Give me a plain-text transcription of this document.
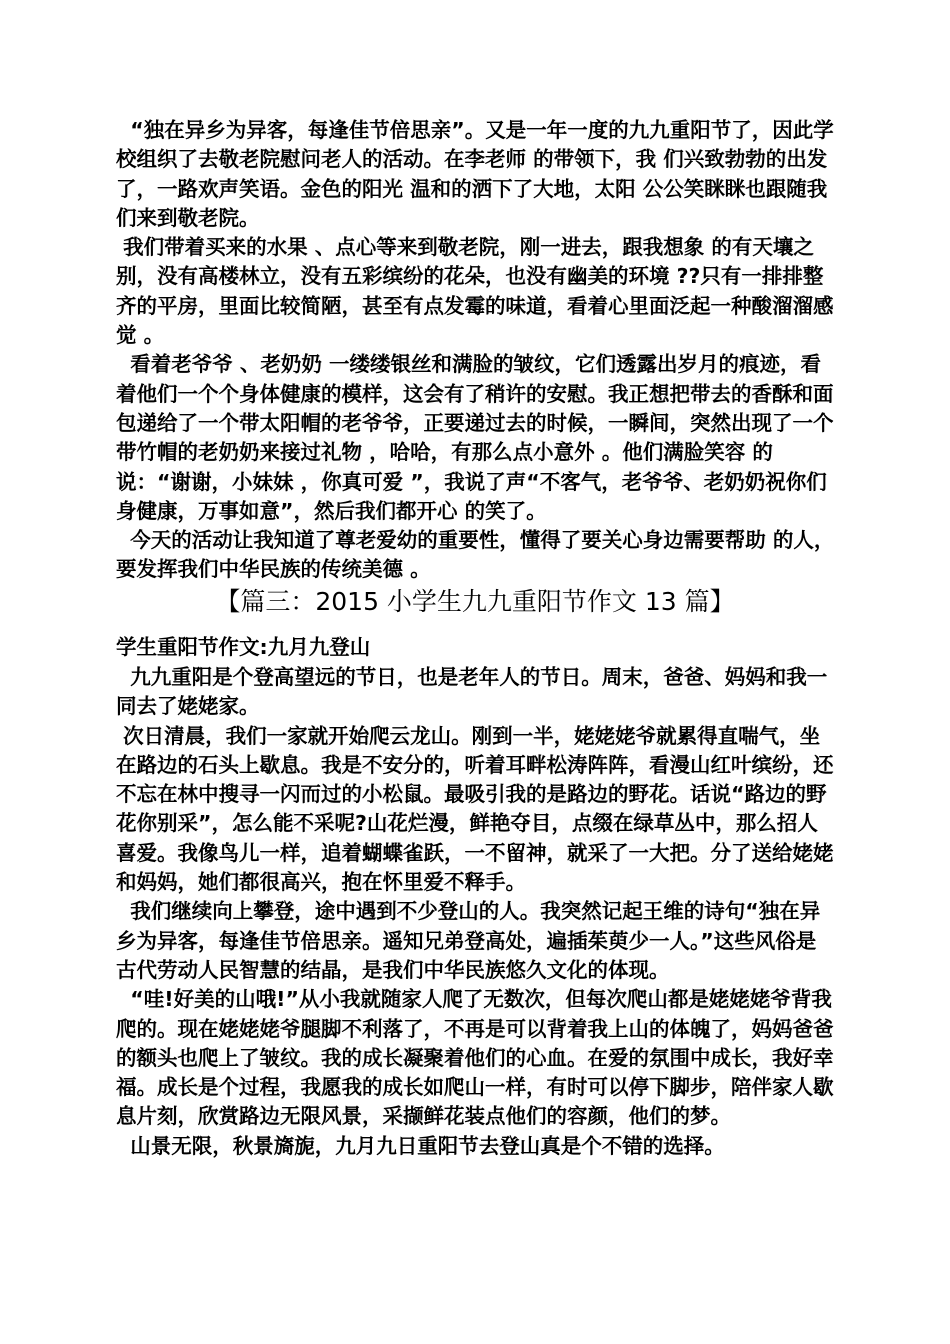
“独在异乡为异客，每逢佳节倍思亲”。又是一年一度的九九重阳节了，因此学校组织了去敬老院慰问老人的活动。在李老师 的带领下，我 们兴致勃勃的出发了，一路欢声笑语。金色的阳光 温和的洒下了大地，太阳 公公笑眯眯也跟随我们来到敬老院。

我们带着买来的水果 、点心等来到敬老院，刚一进去，跟我想象 的有天壤之别，没有高楼林立，没有五彩缤纷的花朵，也没有幽美的环境 ??只有一排排整齐的平房，里面比较简陋，甚至有点发霉的味道，看着心里面泛起一种酸溜溜感觉 。

看着老爷爷 、老奶奶 一缕缕银丝和满脸的皱纹，它们透露出岁月的痕迹，看着他们一个个身体健康的模样，这会有了稍许的安慰。我正想把带去的香酥和面包递给了一个带太阳帽的老爷爷，正要递过去的时候，一瞬间，突然出现了一个带竹帽的老奶奶来接过礼物 ，哈哈，有那么点小意外 。他们满脸笑容 的说：“谢谢，小妹妹 ，你真可爱 ”，我说了声“不客气，老爷爷、老奶奶祝你们身健康，万事如意”，然后我们都开心 的笑了。

今天的活动让我知道了尊老爱幼的重要性，懂得了要关心身边需要帮助 的人，要发挥我们中华民族的传统美德 。

【篇三：2015 小学生九九重阳节作文 13 篇】
学生重阳节作文:九月九登山

九九重阳是个登高望远的节日，也是老年人的节日。周末，爸爸、妈妈和我一同去了姥姥家。

次日清晨，我们一家就开始爬云龙山。刚到一半，姥姥姥爷就累得直喘气，坐在路边的石头上歇息。我是不安分的，听着耳畔松涛阵阵，看漫山红叶缤纷，还不忘在林中搜寻一闪而过的小松鼠。最吸引我的是路边的野花。话说“路边的野花你别采”，怎么能不采呢?山花烂漫，鲜艳夺目，点缀在绿草丛中，那么招人喜爱。我像鸟儿一样，追着蝴蝶雀跃，一不留神，就采了一大把。分了送给姥姥和妈妈，她们都很高兴，抱在怀里爱不释手。

我们继续向上攀登，途中遇到不少登山的人。我突然记起王维的诗句“独在异乡为异客，每逢佳节倍思亲。遥知兄弟登高处，遍插茱萸少一人。”这些风俗是古代劳动人民智慧的结晶，是我们中华民族悠久文化的体现。

“哇!好美的山哦!”从小我就随家人爬了无数次，但每次爬山都是姥姥姥爷背我爬的。现在姥姥姥爷腿脚不利落了，不再是可以背着我上山的体魄了，妈妈爸爸的额头也爬上了皱纹。我的成长凝聚着他们的心血。在爱的氛围中成长，我好幸福。成长是个过程，我愿我的成长如爬山一样，有时可以停下脚步，陪伴家人歇息片刻，欣赏路边无限风景，采撷鲜花装点他们的容颜，他们的梦。

山景无限，秋景旖旎，九月九日重阳节去登山真是个不错的选择。
